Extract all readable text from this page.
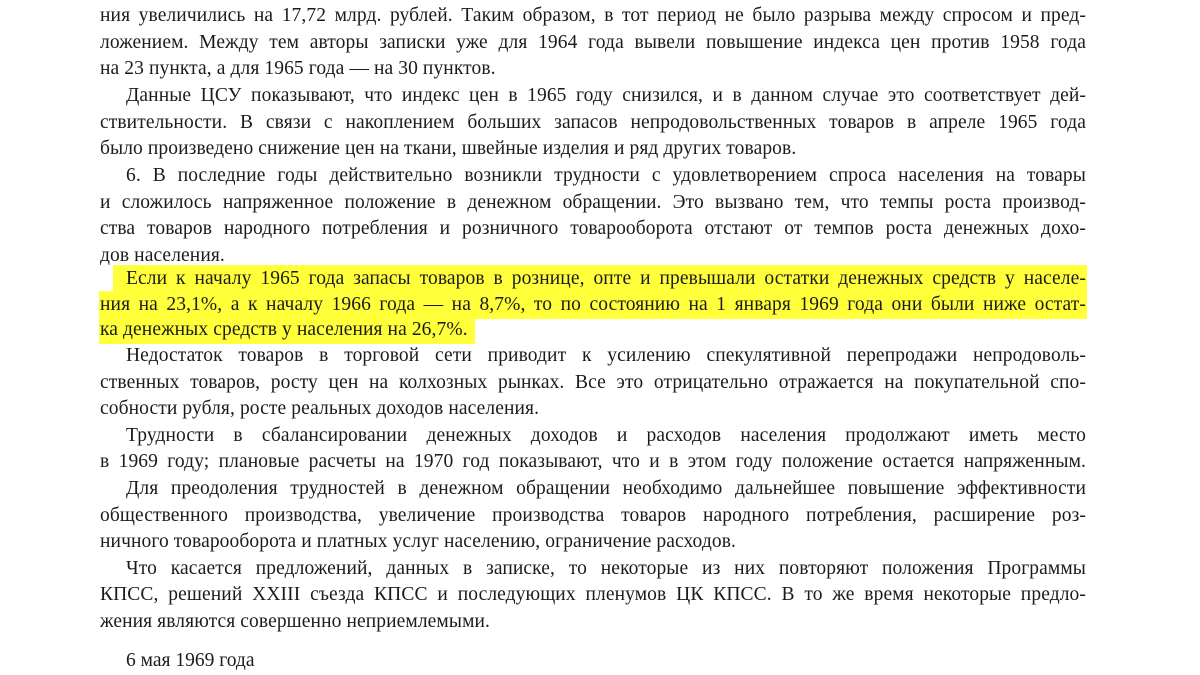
ния увеличились на 17,72 млрд. рублей. Таким образом, в тот период не было разрыва между спросом и пред-

ложением. Между тем авторы записки уже для 1964 года вывели повышение индекса цен против 1958 года

на 23 пункта, а для 1965 года — на 30 пунктов.

Данные ЦСУ показывают, что индекс цен в 1965 году снизился, и в данном случае это соответствует дей-

ствительности. В связи с накоплением больших запасов непродовольственных товаров в апреле 1965 года

было произведено снижение цен на ткани, швейные изделия и ряд других товаров.

6. В последние годы действительно возникли трудности с удовлетворением спроса населения на товары

и сложилось напряженное положение в денежном обращении. Это вызвано тем, что темпы роста производ-

ства товаров народного потребления и розничного товарооборота отстают от темпов роста денежных дохо-

дов населения.

Если к началу 1965 года запасы товаров в рознице, опте и превышали остатки денежных средств у населе-

ния на 23,1%, а к началу 1966 года — на 8,7%, то по состоянию на 1 января 1969 года они были ниже остат-

ка денежных средств у населения на 26,7%.

Недостаток товаров в торговой сети приводит к усилению спекулятивной перепродажи непродоволь-

ственных товаров, росту цен на колхозных рынках. Все это отрицательно отражается на покупательной спо-

собности рубля, росте реальных доходов населения.

Трудности в сбалансировании денежных доходов и расходов населения продолжают иметь место

в 1969 году; плановые расчеты на 1970 год показывают, что и в этом году положение остается напряженным.

Для преодоления трудностей в денежном обращении необходимо дальнейшее повышение эффективности

общественного производства, увеличение производства товаров народного потребления, расширение роз-

ничного товарооборота и платных услуг населению, ограничение расходов.

Что касается предложений, данных в записке, то некоторые из них повторяют положения Программы

КПСС, решений XXIII съезда КПСС и последующих пленумов ЦК КПСС. В то же время некоторые предло-

жения являются совершенно неприемлемыми.

6 мая 1969 года
